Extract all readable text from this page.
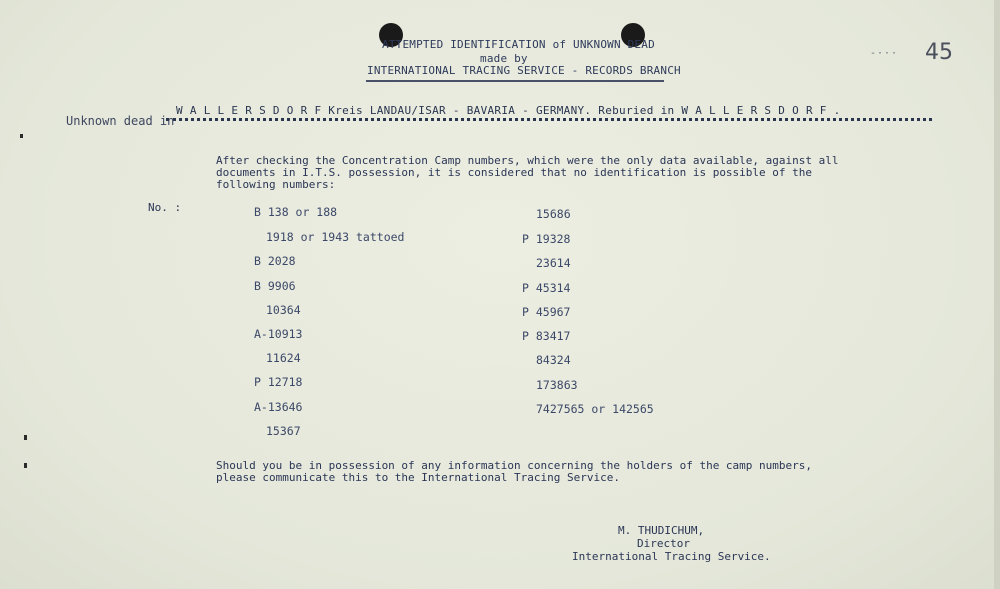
ATTEMPTED IDENTIFICATION of UNKNOWN DEAD
made by
INTERNATIONAL TRACING SERVICE - RECORDS BRANCH
-··· 45
Unknown dead in
W A L L E R S D O R F Kreis LANDAU/ISAR - BAVARIA - GERMANY. Reburied in W A L L E R S D O R F .
After checking the Concentration Camp numbers, which were the only data available, against all
documents in I.T.S. possession, it is considered that no identification is possible of the
following numbers:
No. :	B 138 or 188
1918 or 1943 tattoed
B 2028
B 9906
10364
A-10913
11624
P 12718
A-13646
15367
15686
P 19328
23614
P 45314
P 45967
P 83417
84324
173863
7427565 or 142565
Should you be in possession of any information concerning the holders of the camp numbers,
please communicate this to the International Tracing Service.
M. THUDICHUM,
Director
International Tracing Service.
